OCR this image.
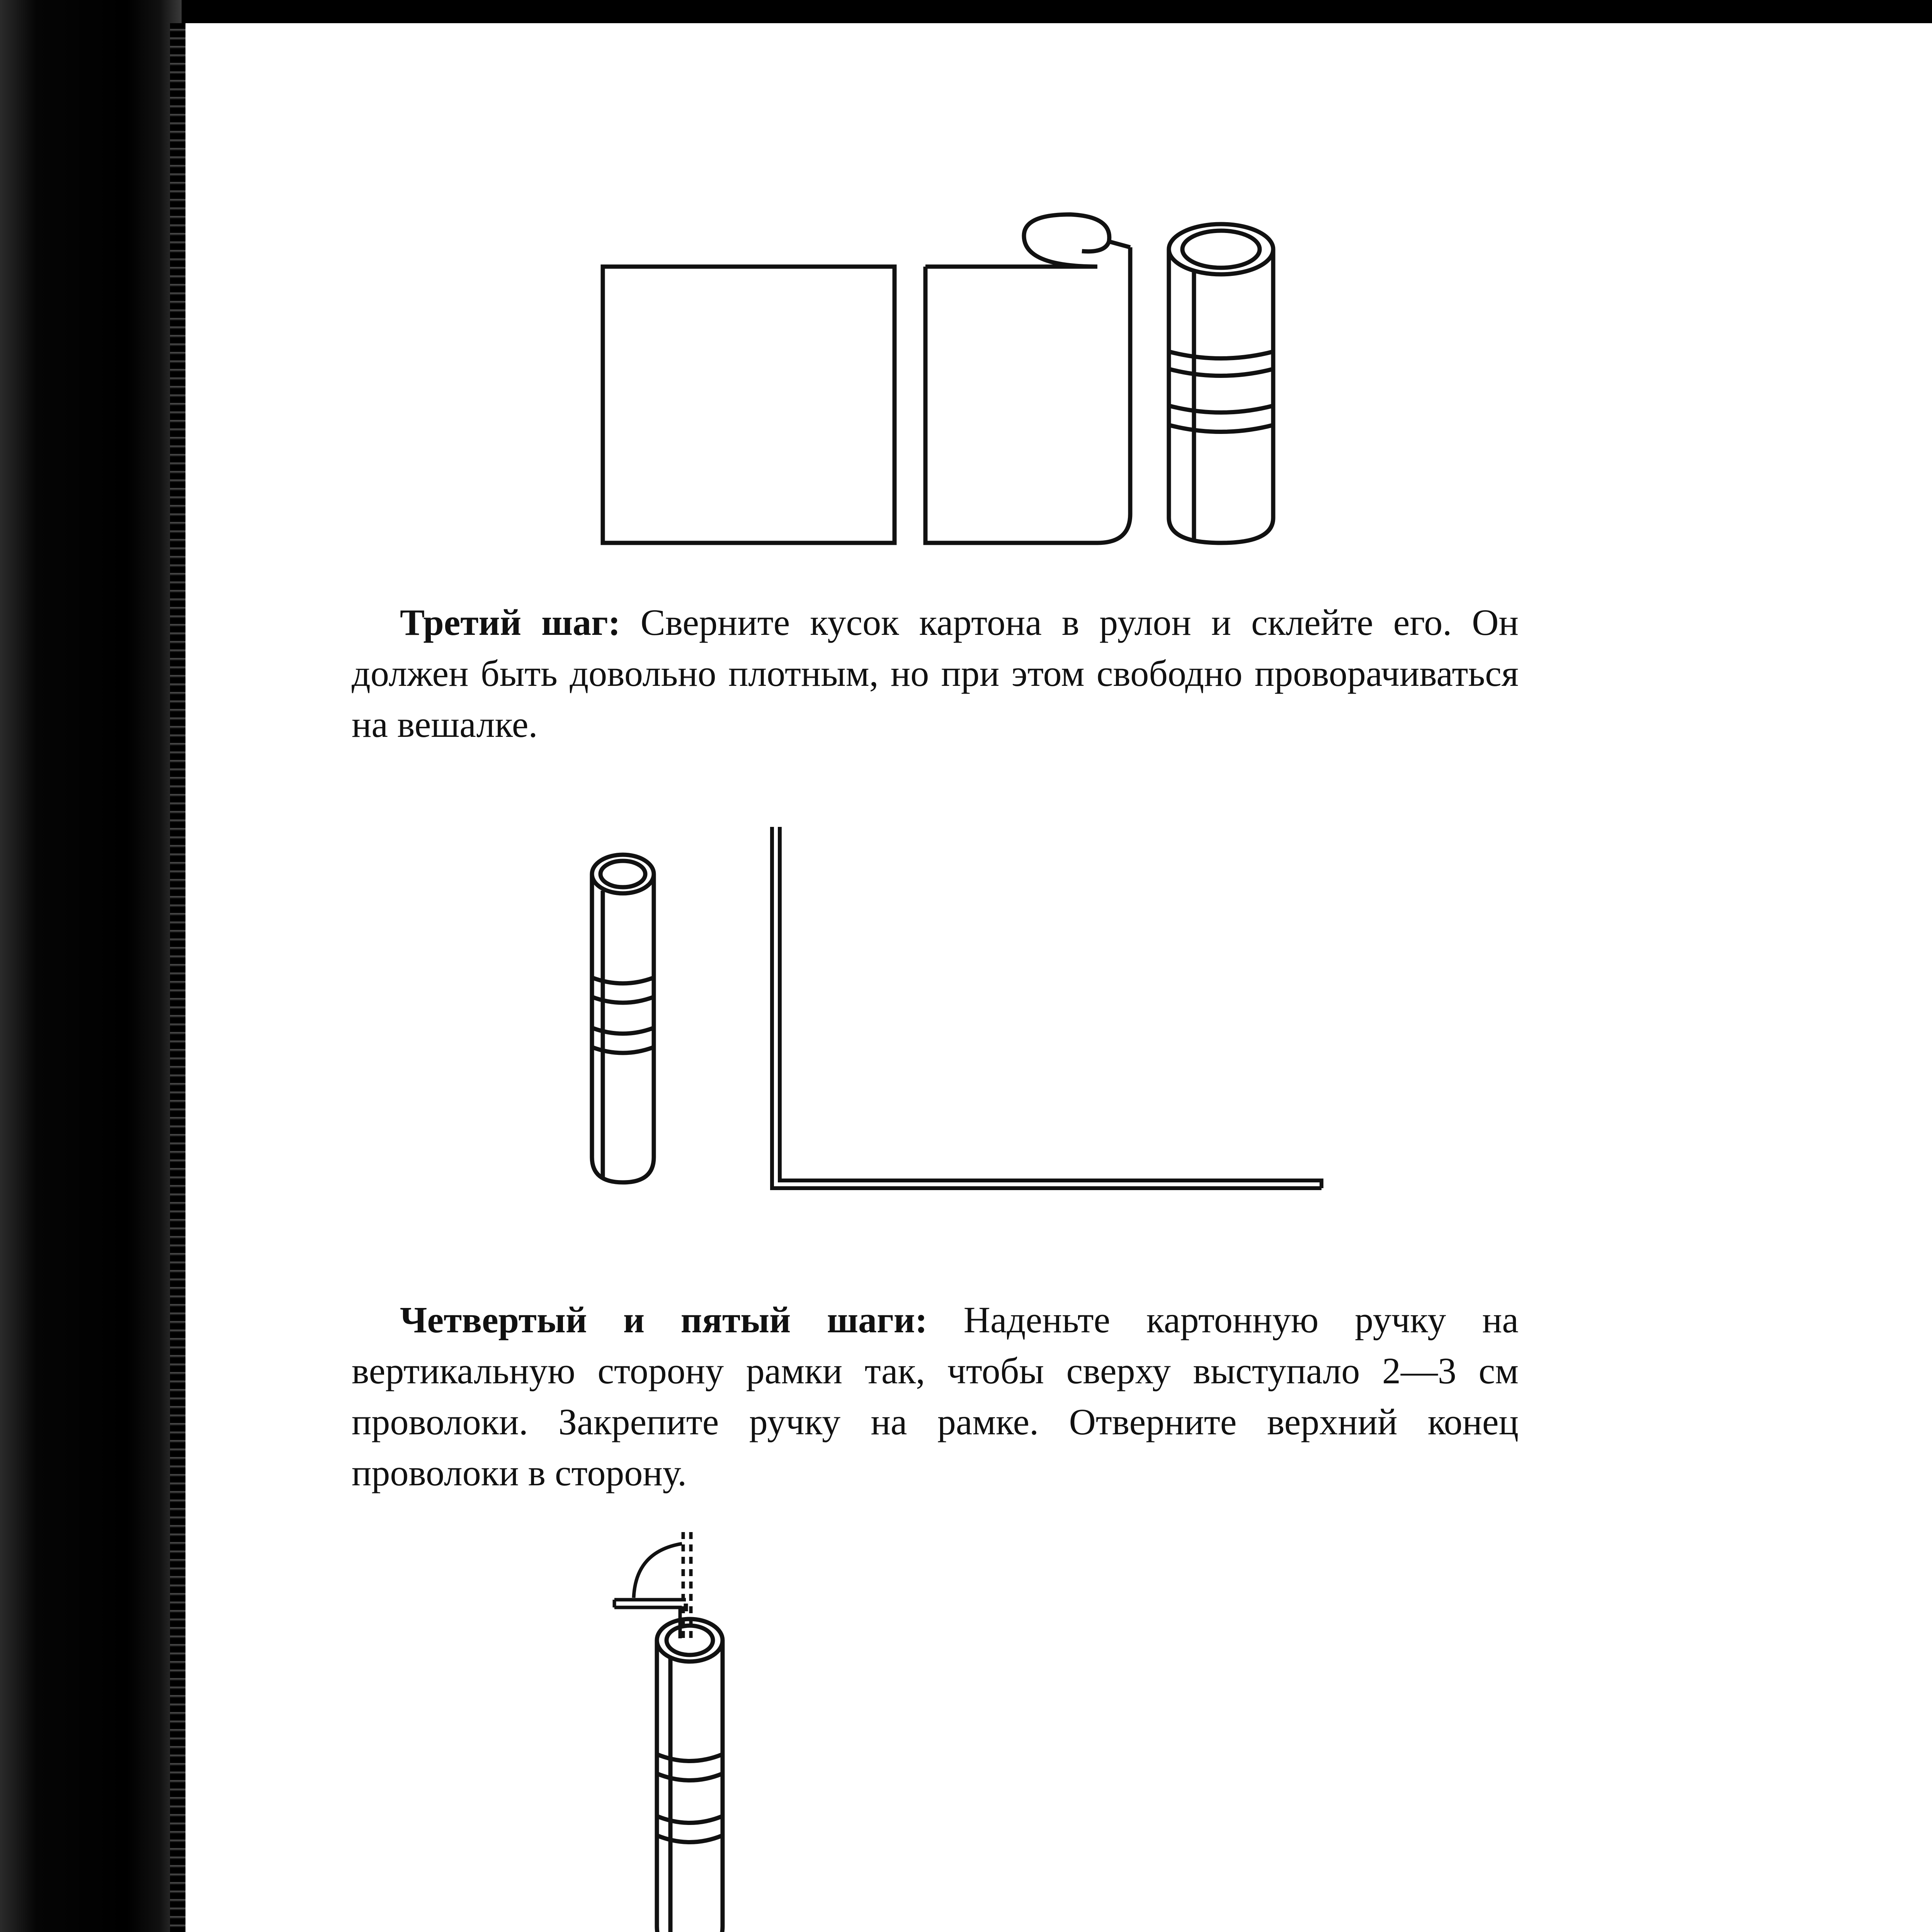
Третий шаг: Сверните кусок картона в рулон и склейте его. Он должен быть довольно плотным, но при этом свободно проворачиваться на вешалке.

Четвертый и пятый шаги: Наденьте картонную ручку на вертикальную сторону рамки так, чтобы сверху выступало 2—3 см проволоки. Закрепите ручку на рамке. Отверните верхний конец проволоки в сторону.
